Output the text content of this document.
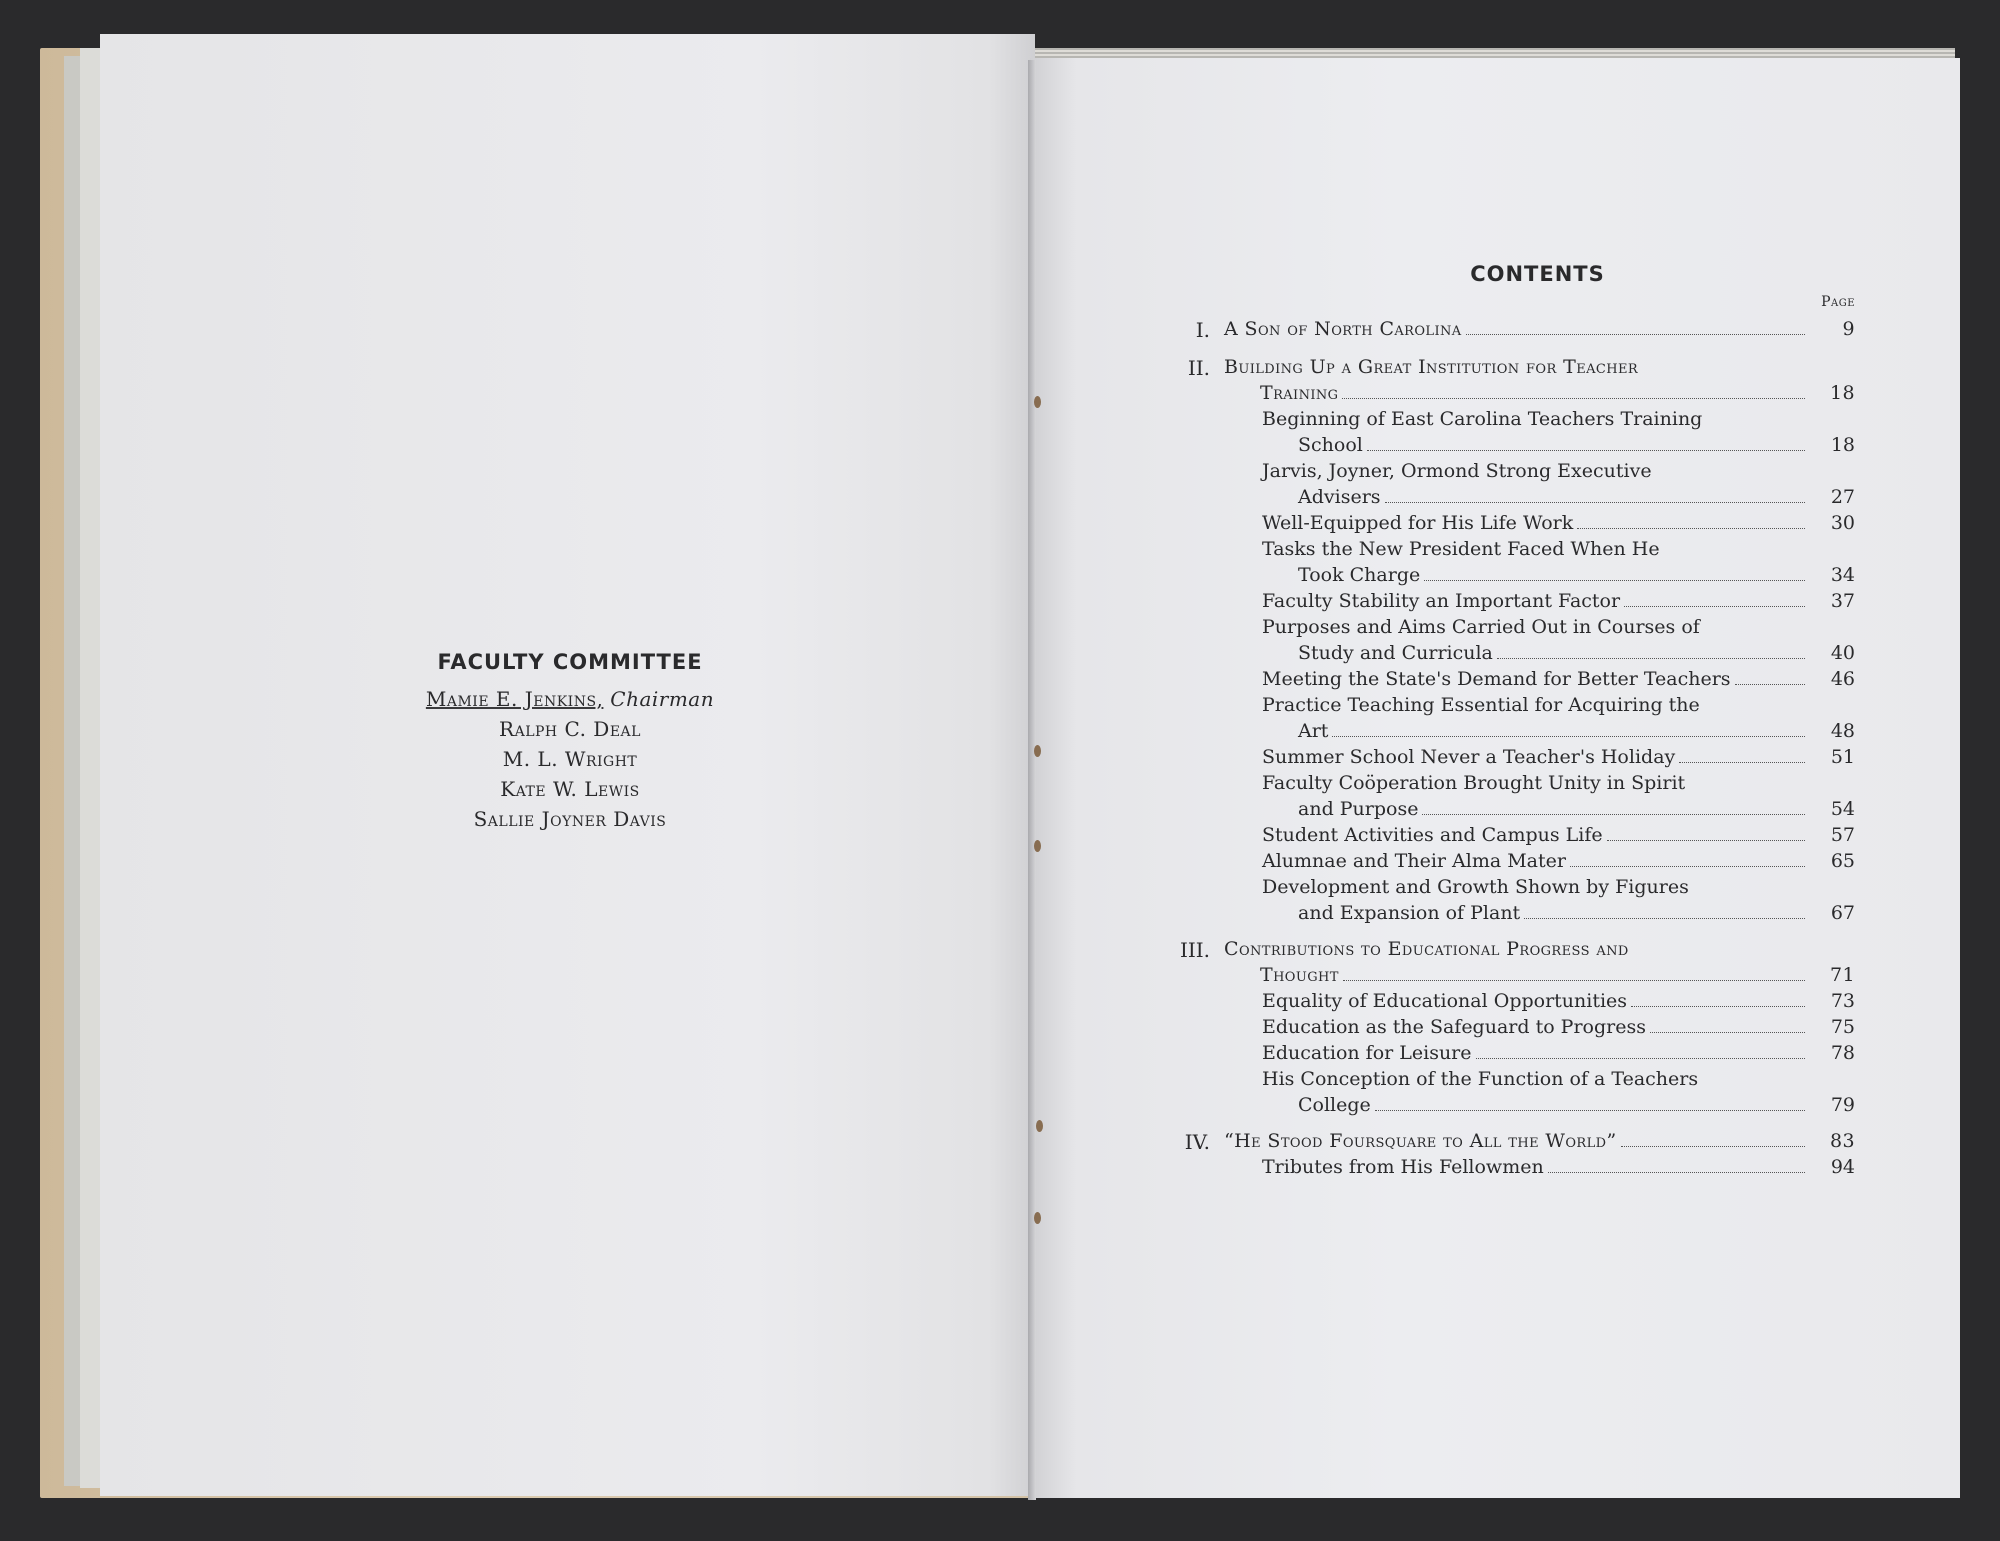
FACULTY COMMITTEE
Mamie E. Jenkins, Chairman
Ralph C. Deal
M. L. Wright
Kate W. Lewis
Sallie Joyner Davis
CONTENTS
Page
I. A Son of North Carolina	9
II. Building Up a Great Institution for Teacher
Training	18
Beginning of East Carolina Teachers Training
School	18
Jarvis, Joyner, Ormond Strong Executive
Advisers	27
Well-Equipped for His Life Work	30
Tasks the New President Faced When He
Took Charge	34
Faculty Stability an Important Factor	37
Purposes and Aims Carried Out in Courses of
Study and Curricula	40
Meeting the State's Demand for Better Teachers	46
Practice Teaching Essential for Acquiring the
Art	48
Summer School Never a Teacher's Holiday	51
Faculty Coöperation Brought Unity in Spirit
and Purpose	54
Student Activities and Campus Life	57
Alumnae and Their Alma Mater	65
Development and Growth Shown by Figures
and Expansion of Plant	67
III. Contributions to Educational Progress and
Thought	71
Equality of Educational Opportunities	73
Education as the Safeguard to Progress	75
Education for Leisure	78
His Conception of the Function of a Teachers
College	79
IV. “He Stood Foursquare to All the World”	83
Tributes from His Fellowmen	94
